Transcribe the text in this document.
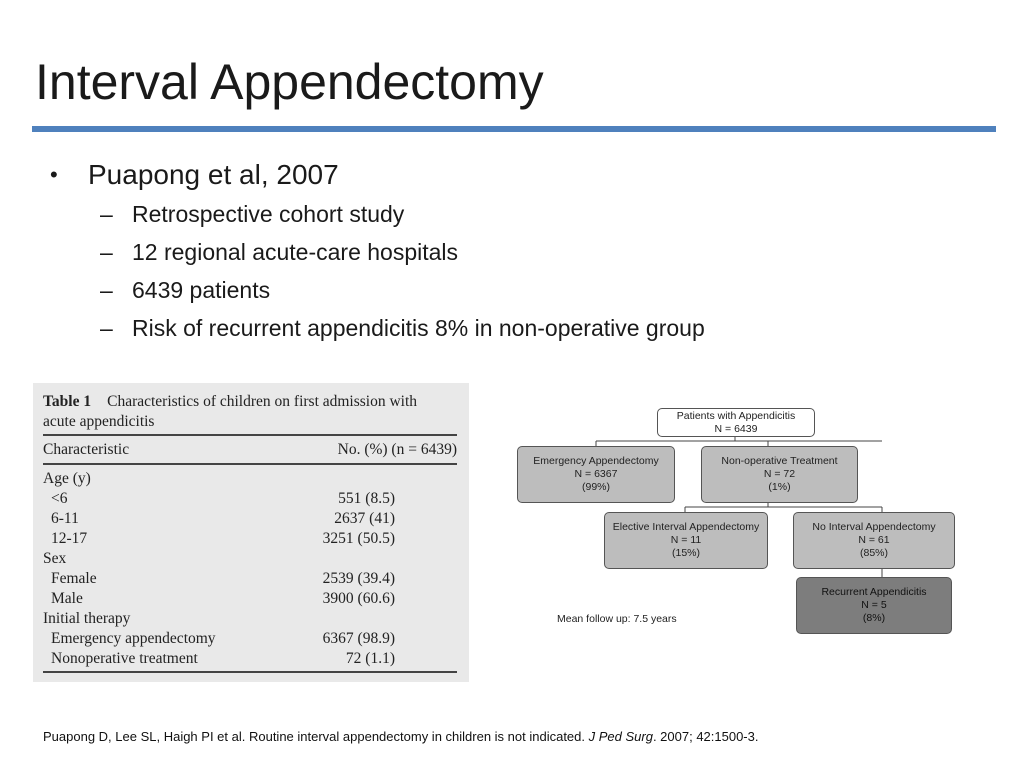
Interval Appendectomy
• Puapong et al, 2007
– Retrospective cohort study
– 12 regional acute-care hospitals
– 6439 patients
– Risk of recurrent appendicitis 8% in non-operative group
Table 1 Characteristics of children on first admission with acute appendicitis
Characteristic	No. (%) (n = 6439)
Age (y)
<6	551 (8.5)
6-11	2637 (41)
12-17	3251 (50.5)
Sex
Female	2539 (39.4)
Male	3900 (60.6)
Initial therapy
Emergency appendectomy	6367 (98.9)
Nonoperative treatment	72 (1.1)
Patients with Appendicitis
N = 6439
Emergency Appendectomy
N = 6367
(99%)
Non-operative Treatment
N = 72
(1%)
Elective Interval Appendectomy
N = 11
(15%)
No Interval Appendectomy
N = 61
(85%)
Recurrent Appendicitis
N = 5
(8%)
Mean follow up: 7.5 years
Puapong D, Lee SL, Haigh PI et al. Routine interval appendectomy in children is not indicated. J Ped Surg. 2007; 42:1500-3.
